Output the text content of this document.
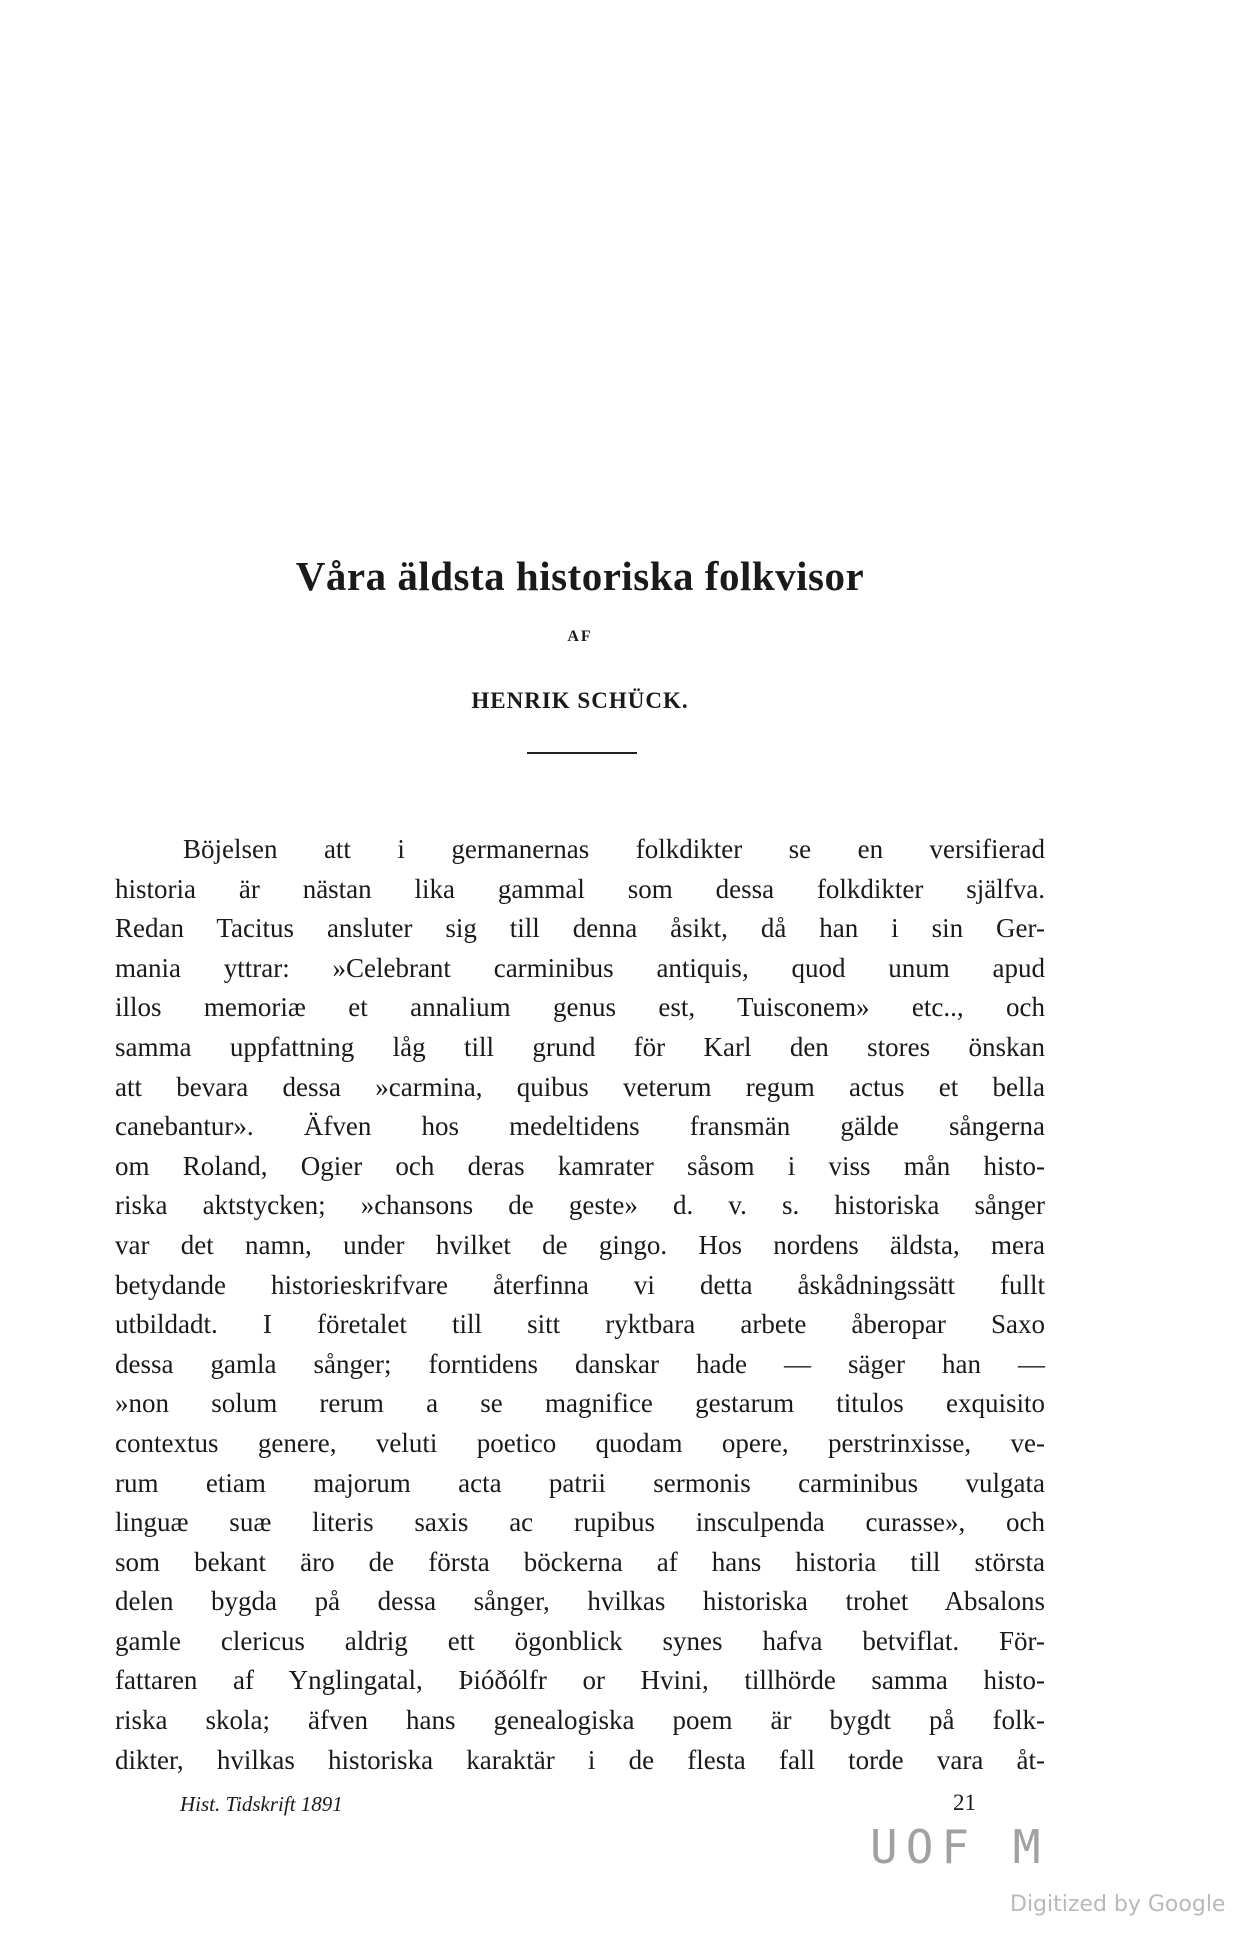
Våra äldsta historiska folkvisor
AF
HENRIK SCHÜCK.
Böjelsen att i germanernas folkdikter se en versifierad
historia är nästan lika gammal som dessa folkdikter själfva.
Redan Tacitus ansluter sig till denna åsikt, då han i sin Ger-
mania yttrar: »Celebrant carminibus antiquis, quod unum apud
illos memoriæ et annalium genus est, Tuisconem» etc.., och
samma uppfattning låg till grund för Karl den stores önskan
att bevara dessa »carmina, quibus veterum regum actus et bella
canebantur». Äfven hos medeltidens fransmän gälde sångerna
om Roland, Ogier och deras kamrater såsom i viss mån histo-
riska aktstycken; »chansons de geste» d. v. s. historiska sånger
var det namn, under hvilket de gingo. Hos nordens äldsta, mera
betydande historieskrifvare återfinna vi detta åskådningssätt fullt
utbildadt. I företalet till sitt ryktbara arbete åberopar Saxo
dessa gamla sånger; forntidens danskar hade — säger han —
»non solum rerum a se magnifice gestarum titulos exquisito
contextus genere, veluti poetico quodam opere, perstrinxisse, ve-
rum etiam majorum acta patrii sermonis carminibus vulgata
linguæ suæ literis saxis ac rupibus insculpenda curasse», och
som bekant äro de första böckerna af hans historia till största
delen bygda på dessa sånger, hvilkas historiska trohet Absalons
gamle clericus aldrig ett ögonblick synes hafva betviflat. För-
fattaren af Ynglingatal, Þióðólfr or Hvini, tillhörde samma histo-
riska skola; äfven hans genealogiska poem är bygdt på folk-
dikter, hvilkas historiska karaktär i de flesta fall torde vara åt-
Hist. Tidskrift 1891	21
UOF M
Digitized by Google
